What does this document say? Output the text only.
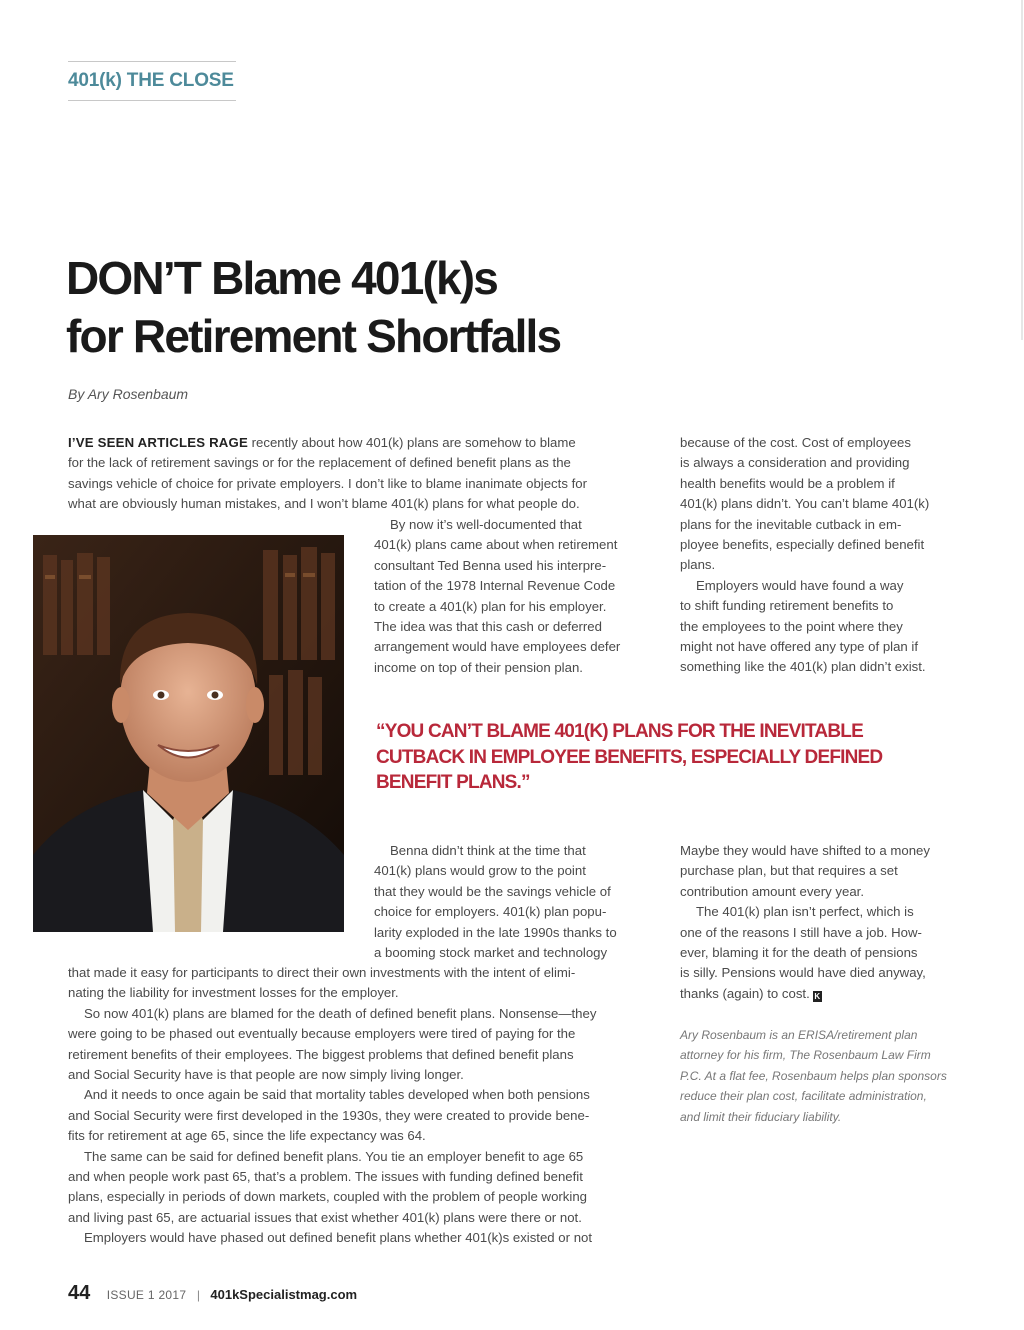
401(k) THE CLOSE
DON’T Blame 401(k)s
for Retirement Shortfalls
By Ary Rosenbaum
I’VE SEEN ARTICLES RAGE recently about how 401(k) plans are somehow to blame
for the lack of retirement savings or for the replacement of defined benefit plans as the
savings vehicle of choice for private employers. I don’t like to blame inanimate objects for
what are obviously human mistakes, and I won’t blame 401(k) plans for what people do.
By now it’s well-documented that
401(k) plans came about when retirement
consultant Ted Benna used his interpre-
tation of the 1978 Internal Revenue Code
to create a 401(k) plan for his employer.
The idea was that this cash or deferred
arrangement would have employees defer
income on top of their pension plan.
because of the cost. Cost of employees
is always a consideration and providing
health benefits would be a problem if
401(k) plans didn’t. You can’t blame 401(k)
plans for the inevitable cutback in em-
ployee benefits, especially defined benefit
plans.
Employers would have found a way
to shift funding retirement benefits to
the employees to the point where they
might not have offered any type of plan if
something like the 401(k) plan didn’t exist.
“YOU CAN’T BLAME 401(K) PLANS FOR THE INEVITABLE
CUTBACK IN EMPLOYEE BENEFITS, ESPECIALLY DEFINED
BENEFIT PLANS.”
Benna didn’t think at the time that
401(k) plans would grow to the point
that they would be the savings vehicle of
choice for employers. 401(k) plan popu-
larity exploded in the late 1990s thanks to
a booming stock market and technology
that made it easy for participants to direct their own investments with the intent of elimi-
nating the liability for investment losses for the employer.
So now 401(k) plans are blamed for the death of defined benefit plans. Nonsense—they
were going to be phased out eventually because employers were tired of paying for the
retirement benefits of their employees. The biggest problems that defined benefit plans
and Social Security have is that people are now simply living longer.
And it needs to once again be said that mortality tables developed when both pensions
and Social Security were first developed in the 1930s, they were created to provide bene-
fits for retirement at age 65, since the life expectancy was 64.
The same can be said for defined benefit plans. You tie an employer benefit to age 65
and when people work past 65, that’s a problem. The issues with funding defined benefit
plans, especially in periods of down markets, coupled with the problem of people working
and living past 65, are actuarial issues that exist whether 401(k) plans were there or not.
Employers would have phased out defined benefit plans whether 401(k)s existed or not
Maybe they would have shifted to a money
purchase plan, but that requires a set
contribution amount every year.
The 401(k) plan isn’t perfect, which is
one of the reasons I still have a job. How-
ever, blaming it for the death of pensions
is silly. Pensions would have died anyway,
thanks (again) to cost. K
Ary Rosenbaum is an ERISA/retirement plan
attorney for his firm, The Rosenbaum Law Firm
P.C. At a flat fee, Rosenbaum helps plan sponsors
reduce their plan cost, facilitate administration,
and limit their fiduciary liability.
44 ISSUE 1 2017 | 401kSpecialistmag.com
